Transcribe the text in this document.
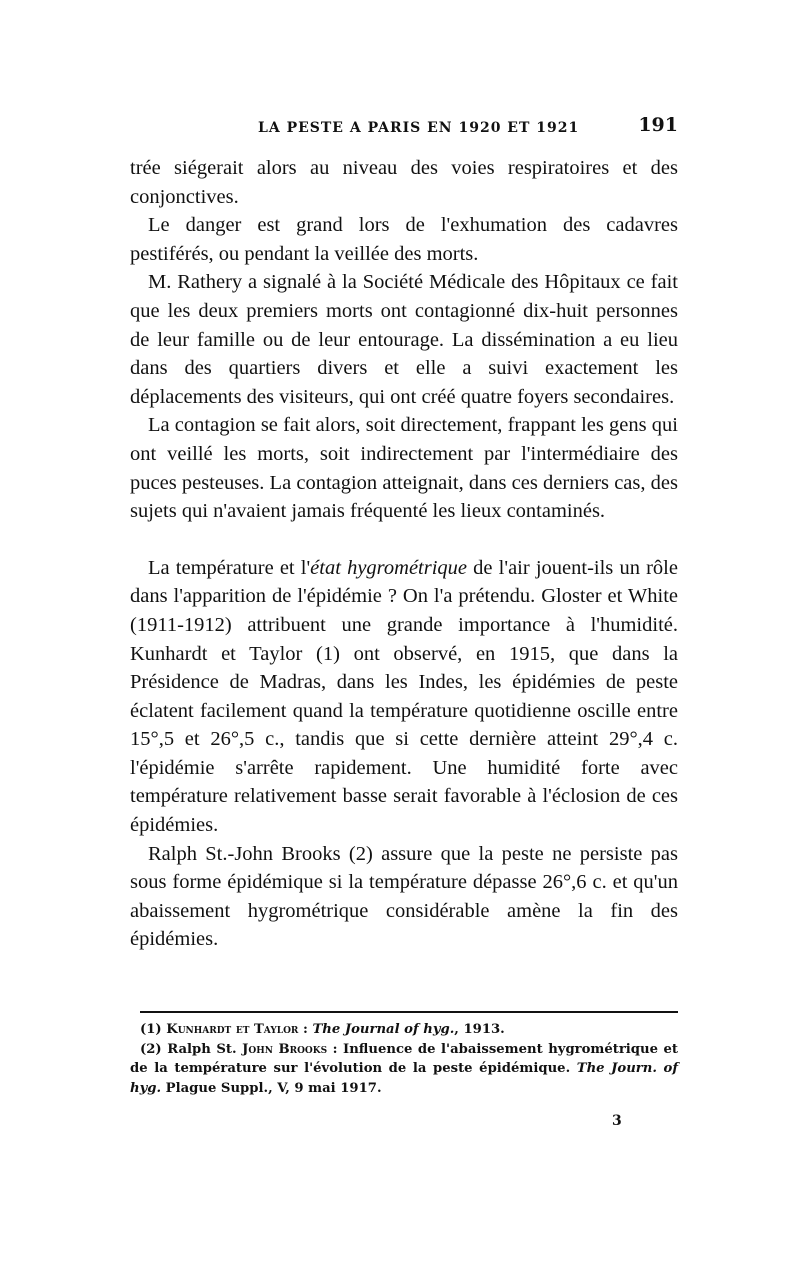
LA PESTE A PARIS EN 1920 ET 1921	191

trée siégerait alors au niveau des voies respiratoires et des conjonctives.

Le danger est grand lors de l'exhumation des cadavres pestiférés, ou pendant la veillée des morts.

M. Rathery a signalé à la Société Médicale des Hôpitaux ce fait que les deux premiers morts ont contagionné dix-huit personnes de leur famille ou de leur entourage. La dissémination a eu lieu dans des quartiers divers et elle a suivi exactement les déplacements des visiteurs, qui ont créé quatre foyers secondaires.

La contagion se fait alors, soit directement, frappant les gens qui ont veillé les morts, soit indirectement par l'intermédiaire des puces pesteuses. La contagion atteignait, dans ces derniers cas, des sujets qui n'avaient jamais fréquenté les lieux contaminés.

La température et l'état hygrométrique de l'air jouent-ils un rôle dans l'apparition de l'épidémie ? On l'a prétendu. Gloster et White (1911-1912) attribuent une grande importance à l'humidité. Kunhardt et Taylor (1) ont observé, en 1915, que dans la Présidence de Madras, dans les Indes, les épidémies de peste éclatent facilement quand la température quotidienne oscille entre 15°,5 et 26°,5 c., tandis que si cette dernière atteint 29°,4 c. l'épidémie s'arrête rapidement. Une humidité forte avec température relativement basse serait favorable à l'éclosion de ces épidémies.

Ralph St.-John Brooks (2) assure que la peste ne persiste pas sous forme épidémique si la température dépasse 26°,6 c. et qu'un abaissement hygrométrique considérable amène la fin des épidémies.

(1) Kunhardt et Taylor : The Journal of hyg., 1913.

(2) Ralph St. John Brooks : Influence de l'abaissement hygrométrique et de la température sur l'évolution de la peste épidémique. The Journ. of hyg. Plague Suppl., V, 9 mai 1917.

3
